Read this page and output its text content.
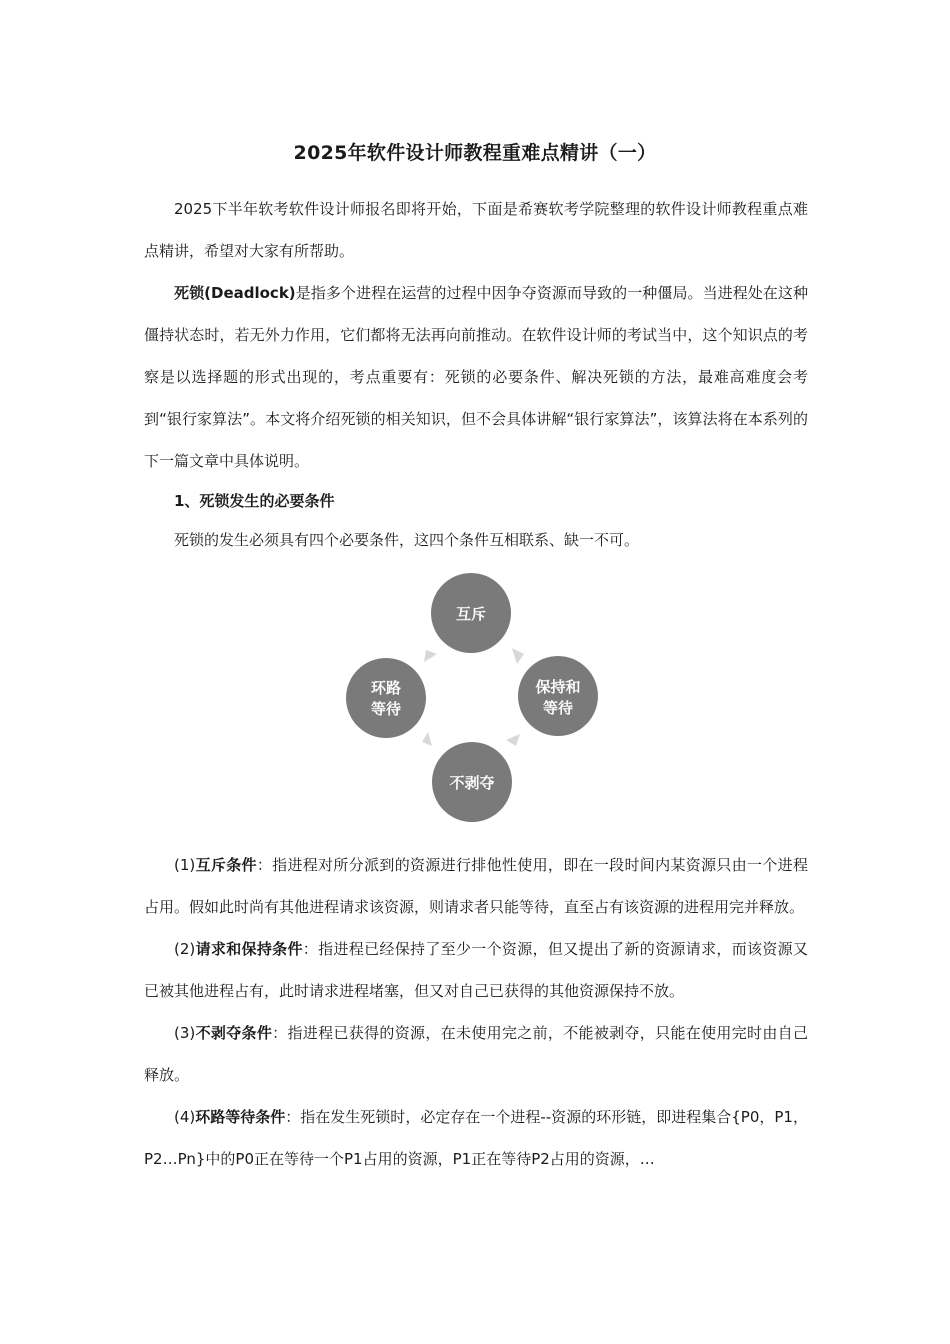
2025年软件设计师教程重难点精讲（一）

2025下半年软考软件设计师报名即将开始，下面是希赛软考学院整理的软件设计师教程重点难点精讲，希望对大家有所帮助。

死锁(Deadlock)是指多个进程在运营的过程中因争夺资源而导致的一种僵局。当进程处在这种僵持状态时，若无外力作用，它们都将无法再向前推动。在软件设计师的考试当中，这个知识点的考察是以选择题的形式出现的，考点重要有：死锁的必要条件、解决死锁的方法，最难高难度会考到“银行家算法”。本文将介绍死锁的相关知识，但不会具体讲解“银行家算法”，该算法将在本系列的下一篇文章中具体说明。

1、死锁发生的必要条件

死锁的发生必须具有四个必要条件，这四个条件互相联系、缺一不可。

互斥
保持和
等待
不剥夺
环路
等待

(1)互斥条件：指进程对所分派到的资源进行排他性使用，即在一段时间内某资源只由一个进程占用。假如此时尚有其他进程请求该资源，则请求者只能等待，直至占有该资源的进程用完并释放。

(2)请求和保持条件：指进程已经保持了至少一个资源，但又提出了新的资源请求，而该资源又已被其他进程占有，此时请求进程堵塞，但又对自己已获得的其他资源保持不放。

(3)不剥夺条件：指进程已获得的资源，在未使用完之前，不能被剥夺，只能在使用完时由自己释放。

(4)环路等待条件：指在发生死锁时，必定存在一个进程--资源的环形链，即进程集合{P0，P1，P2…Pn}中的P0正在等待一个P1占用的资源，P1正在等待P2占用的资源，…
